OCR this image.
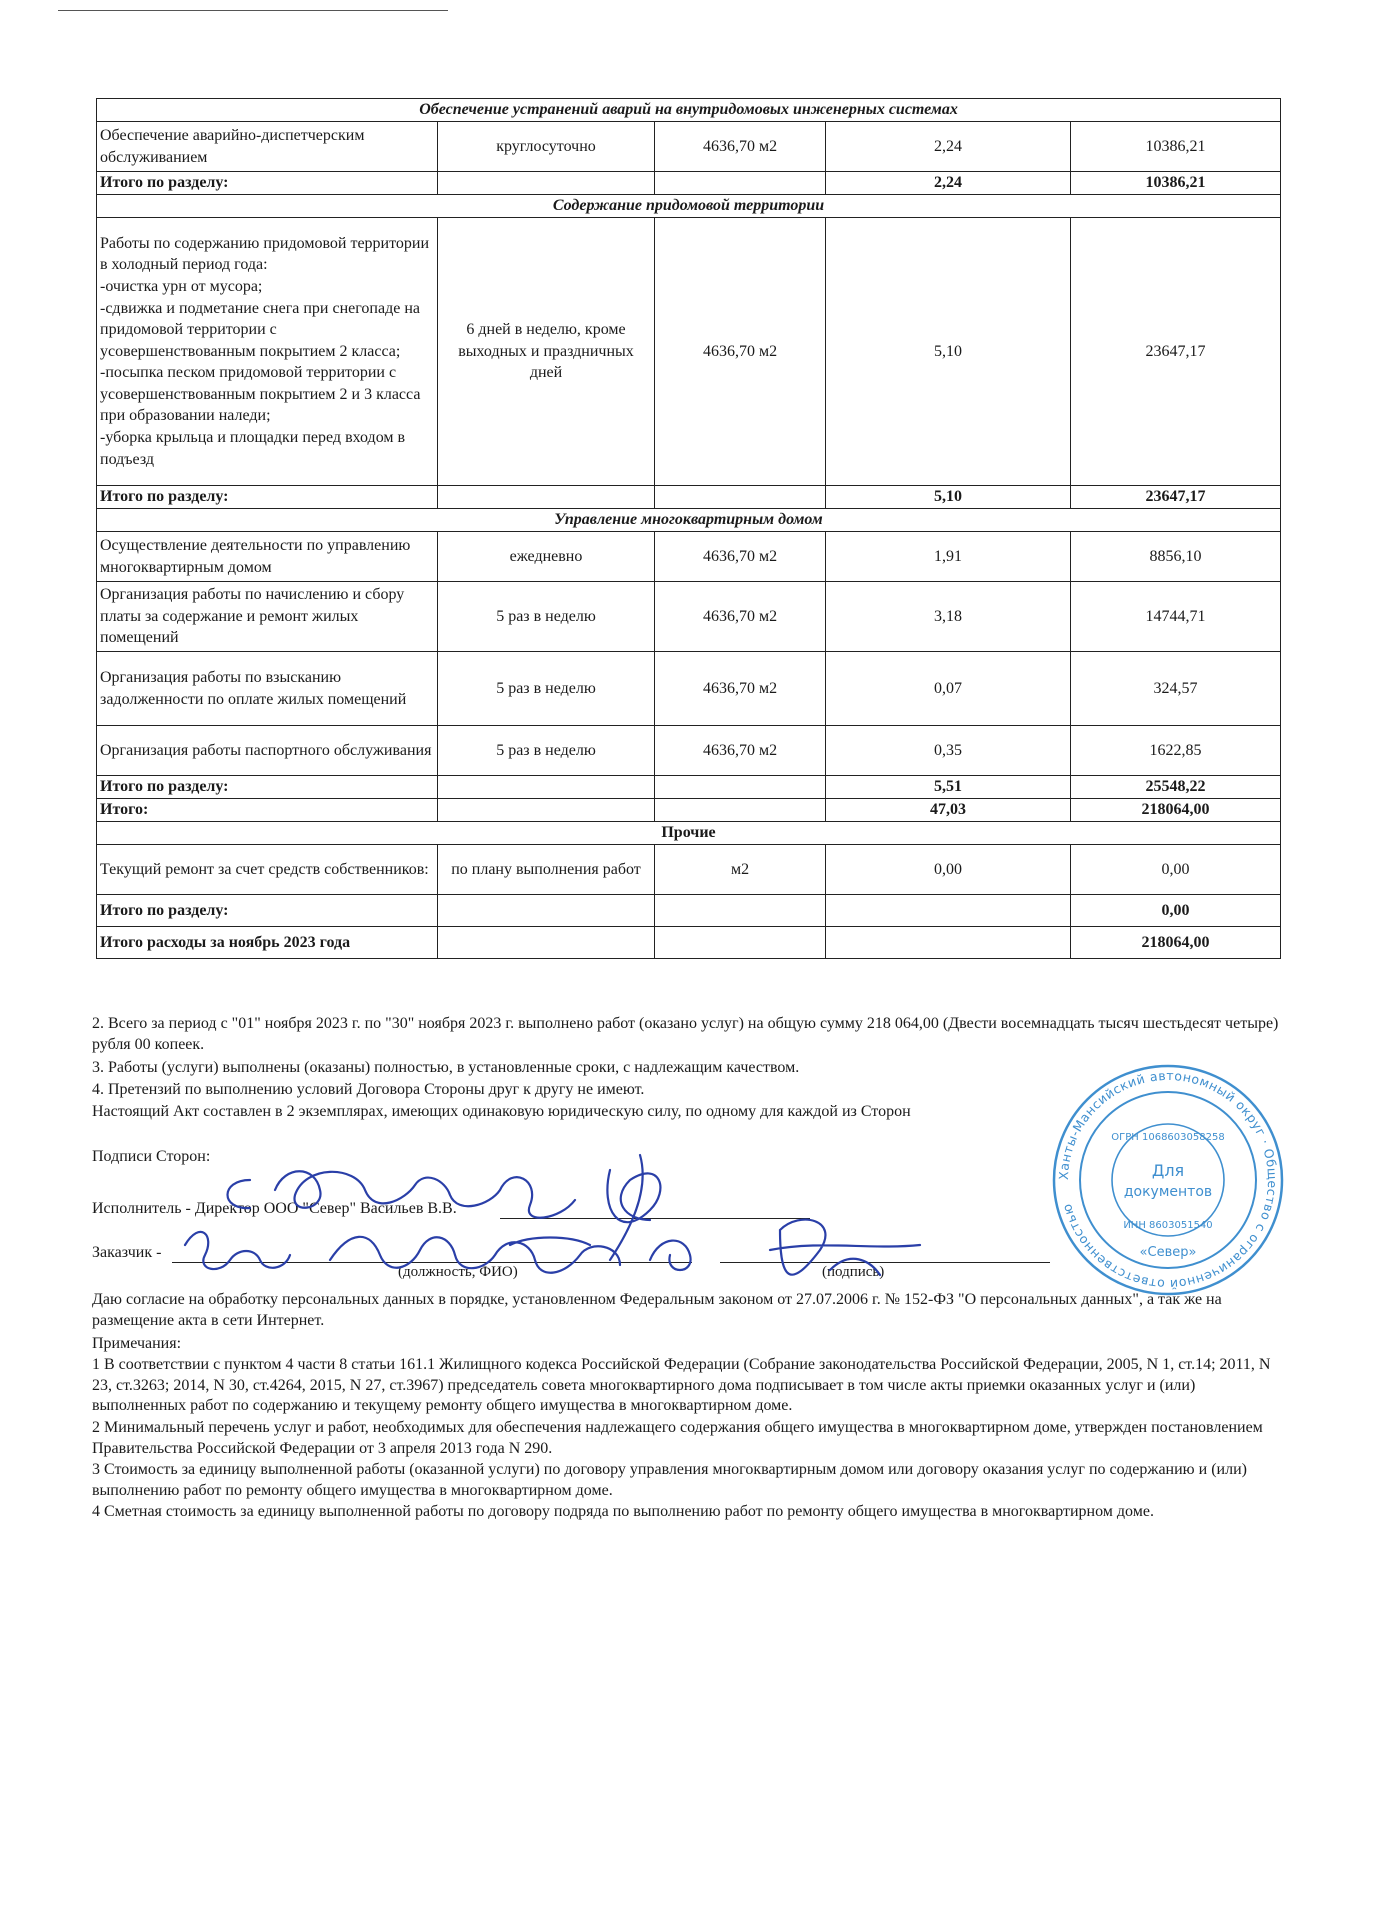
Обеспечение устранений аварий на внутридомовых инженерных системах				
Обеспечение аварийно-диспетчерским обслуживанием	круглосуточно	4636,70 м2	2,24	10386,21
Итого по разделу:			2,24	10386,21
Содержание придомовой территории				
Работы по содержанию придомовой территории в холодный период года:
-очистка урн от мусора;
-сдвижка и подметание снега при снегопаде на придомовой территории с усовершенствованным покрытием 2 класса;
-посыпка песком придомовой территории с усовершенствованным покрытием 2 и 3 класса при образовании наледи;
-уборка крыльца и площадки перед входом в подъезд	6 дней в неделю, кроме выходных и праздничных дней	4636,70 м2	5,10	23647,17
Итого по разделу:			5,10	23647,17
Управление многоквартирным домом				
Осуществление деятельности по управлению многоквартирным домом	ежедневно	4636,70 м2	1,91	8856,10
Организация работы по начислению и сбору платы за содержание и ремонт жилых помещений	5 раз в неделю	4636,70 м2	3,18	14744,71
Организация работы по взысканию задолженности по оплате жилых помещений	5 раз в неделю	4636,70 м2	0,07	324,57
Организация работы паспортного обслуживания	5 раз в неделю	4636,70 м2	0,35	1622,85
Итого по разделу:			5,51	25548,22
Итого:			47,03	218064,00
Прочие				
Текущий ремонт за счет средств собственников:	по плану выполнения работ	м2	0,00	0,00
Итого по разделу:				0,00
Итого расходы за ноябрь 2023 года				218064,00
2. Всего за период с "01" ноября 2023 г. по "30" ноября 2023 г. выполнено работ (оказано услуг) на общую сумму 218 064,00 (Двести восемнадцать тысяч шестьдесят четыре) рубля 00 копеек.
3. Работы (услуги) выполнены (оказаны) полностью, в установленные сроки, с надлежащим качеством.
4. Претензий по выполнению условий Договора Стороны друг к другу не имеют.
Настоящий Акт составлен в 2 экземплярах, имеющих одинаковую юридическую силу, по одному для каждой из Сторон
Подписи Сторон:
Исполнитель - Директор ООО "Север" Васильев В.В.
Заказчик -
(должность, ФИО)	(подпись)
Даю согласие на обработку персональных данных в порядке, установленном Федеральным законом от 27.07.2006 г. № 152-ФЗ "О персональных данных", а так же на размещение акта в сети Интернет.
Примечания:
1 В соответствии с пунктом 4 части 8 статьи 161.1 Жилищного кодекса Российской Федерации (Собрание законодательства Российской Федерации, 2005, N 1, ст.14; 2011, N 23, ст.3263; 2014, N 30, ст.4264, 2015, N 27, ст.3967) председатель совета многоквартирного дома подписывает в том числе акты приемки оказанных услуг и (или) выполненных работ по содержанию и текущему ремонту общего имущества в многоквартирном доме.
2 Минимальный перечень услуг и работ, необходимых для обеспечения надлежащего содержания общего имущества в многоквартирном доме, утвержден постановлением Правительства Российской Федерации от 3 апреля 2013 года N 290.
3 Стоимость за единицу выполненной работы (оказанной услуги) по договору управления многоквартирным домом или договору оказания услуг по содержанию и (или) выполнению работ по ремонту общего имущества в многоквартирном доме.
4 Сметная стоимость за единицу выполненной работы по договору подряда по выполнению работ по ремонту общего имущества в многоквартирном доме.
Ханты-Мансийский автономный округ · Общество с ограниченной ответственностью
Для
документов
ОГРН 1068603058258
ИНН 8603051540
«Север»
